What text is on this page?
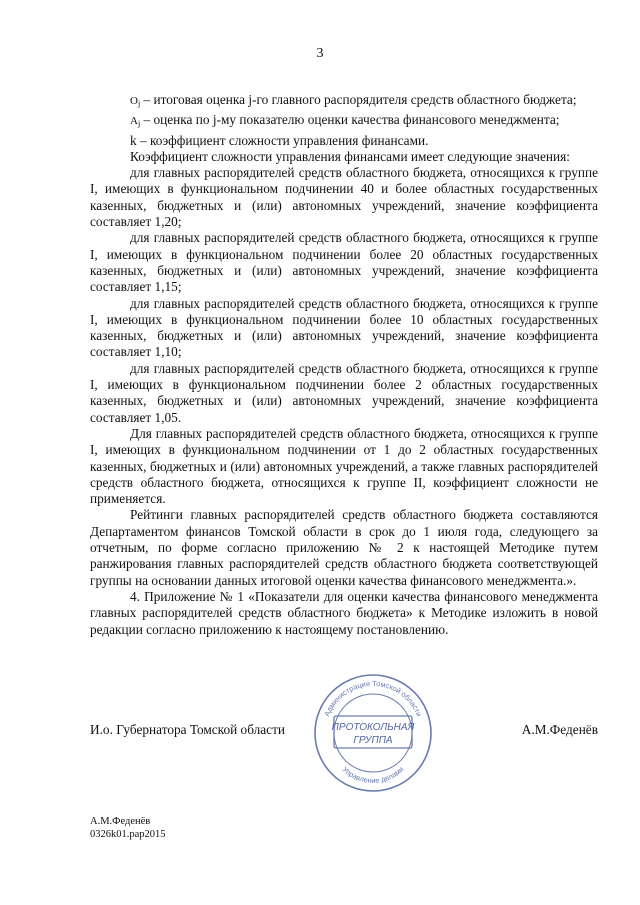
3

$O_j$ – итоговая оценка j-го главного распорядителя средств областного бюджета;

$A_j$ – оценка по j-му показателю оценки качества финансового менеджмента;

k – коэффициент сложности управления финансами.

Коэффициент сложности управления финансами имеет следующие значения:

для главных распорядителей средств областного бюджета, относящихся к группе I, имеющих в функциональном подчинении 40 и более областных государственных казенных, бюджетных и (или) автономных учреждений, значение коэффициента составляет 1,20;

для главных распорядителей средств областного бюджета, относящихся к группе I, имеющих в функциональном подчинении более 20 областных государственных казенных, бюджетных и (или) автономных учреждений, значение коэффициента составляет 1,15;

для главных распорядителей средств областного бюджета, относящихся к группе I, имеющих в функциональном подчинении более 10 областных государственных казенных, бюджетных и (или) автономных учреждений, значение коэффициента составляет 1,10;

для главных распорядителей средств областного бюджета, относящихся к группе I, имеющих в функциональном подчинении более 2 областных государственных казенных, бюджетных и (или) автономных учреждений, значение коэффициента составляет 1,05.

Для главных распорядителей средств областного бюджета, относящихся к группе I, имеющих в функциональном подчинении от 1 до 2 областных государственных казенных, бюджетных и (или) автономных учреждений, а также главных распорядителей средств областного бюджета, относящихся к группе II, коэффициент сложности не применяется.

Рейтинги главных распорядителей средств областного бюджета составляются Департаментом финансов Томской области в срок до 1 июля года, следующего за отчетным, по форме согласно приложению № 2 к настоящей Методике путем ранжирования главных распорядителей средств областного бюджета соответствующей группы на основании данных итоговой оценки качества финансового менеджмента.».

4. Приложение № 1 «Показатели для оценки качества финансового менеджмента главных распорядителей средств областного бюджета» к Методике изложить в новой редакции согласно приложению к настоящему постановлению.

И.о. Губернатора Томской области	А.М.Феденёв
Администрация Томской области
Управление делами
ПРОТОКОЛЬНАЯ
ГРУППА
А.М.Феденёв
0326k01.pap2015
